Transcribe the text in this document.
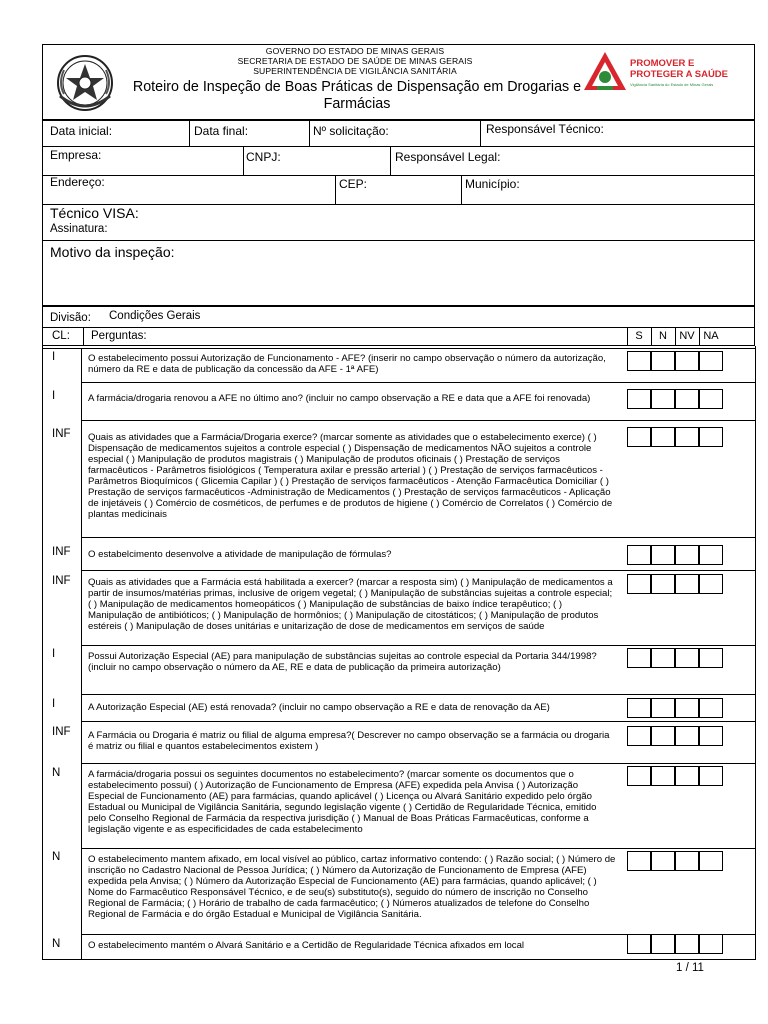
GOVERNO DO ESTADO DE MINAS GERAIS
SECRETARIA DE ESTADO DE SAÚDE DE MINAS GERAIS
SUPERINTENDÊNCIA DE VIGILÂNCIA SANITÁRIA
Roteiro de Inspeção de Boas Práticas de Dispensação em Drogarias e
Farmácias
PROMOVER E
PROTEGER A SAÚDE
Vigilância Sanitária do Estado de Minas Gerais
Data inicial:	Data final:	Nº solicitação:	Responsável Técnico:
Empresa:	CNPJ:	Responsável Legal:
Endereço:	CEP:	Município:
Técnico VISA:
Assinatura:
Motivo da inspeção:
Divisão: Condições Gerais
CL: Perguntas:	S	N	NV NA
I	O estabelecimento possui Autorização de Funcionamento - AFE? (inserir no campo observação o número da autorização, número da RE e data de publicação da concessão da AFE - 1ª AFE)
I	A farmácia/drogaria renovou a AFE no último ano? (incluir no campo observação a RE e data que a AFE foi renovada)
INF Quais as atividades que a Farmácia/Drogaria exerce? (marcar somente as atividades que o estabelecimento exerce) ( ) Dispensação de medicamentos sujeitos a controle especial ( ) Dispensação de medicamentos NÃO sujeitos a controle especial ( ) Manipulação de produtos magistrais ( ) Manipulação de produtos oficinais ( ) Prestação de serviços farmacêuticos - Parâmetros fisiológicos ( Temperatura axilar e pressão arterial ) ( ) Prestação de serviços farmacêuticos - Parâmetros Bioquímicos ( Glicemia Capilar ) ( ) Prestação de serviços farmacêuticos - Atenção Farmacêutica Domiciliar ( ) Prestação de serviços farmacêuticos -Administração de Medicamentos ( ) Prestação de serviços farmacêuticos - Aplicação de injetáveis ( ) Comércio de cosméticos, de perfumes e de produtos de higiene ( ) Comércio de Correlatos ( ) Comércio de plantas medicinais
INF O estabelcimento desenvolve a atividade de manipulação de fórmulas?
INF Quais as atividades que a Farmácia está habilitada a exercer? (marcar a resposta sim) ( ) Manipulação de medicamentos a partir de insumos/matérias primas, inclusive de origem vegetal; ( ) Manipulação de substâncias sujeitas a controle especial; ( ) Manipulação de medicamentos homeopáticos ( ) Manipulação de substâncias de baixo índice terapêutico; ( ) Manipulação de antibióticos; ( ) Manipulação de hormônios; ( ) Manipulação de citostáticos; ( ) Manipulação de produtos estéreis ( ) Manipulação de doses unitárias e unitarização de dose de medicamentos em serviços de saúde
I	Possui Autorização Especial (AE) para manipulação de substâncias sujeitas ao controle especial da Portaria 344/1998? (incluir no campo observação o número da AE, RE e data de publicação da primeira autorização)
I	A Autorização Especial (AE) está renovada? (incluir no campo observação a RE e data de renovação da AE)
INF A Farmácia ou Drogaria é matriz ou filial de alguma empresa?( Descrever no campo observação se a farmácia ou drogaria é matriz ou filial e quantos estabelecimentos existem )
N	A farmácia/drogaria possui os seguintes documentos no estabelecimento? (marcar somente os documentos que o estabelecimento possui) ( ) Autorização de Funcionamento de Empresa (AFE) expedida pela Anvisa ( ) Autorização Especial de Funcionamento (AE) para farmácias, quando aplicável ( ) Licença ou Alvará Sanitário expedido pelo órgão Estadual ou Municipal de Vigilância Sanitária, segundo legislação vigente ( ) Certidão de Regularidade Técnica, emitido pelo Conselho Regional de Farmácia da respectiva jurisdição ( ) Manual de Boas Práticas Farmacêuticas, conforme a legislação vigente e as especificidades de cada estabelecimento
N	O estabelecimento mantem afixado, em local visível ao público, cartaz informativo contendo: ( ) Razão social; ( ) Número de inscrição no Cadastro Nacional de Pessoa Jurídica; ( ) Número da Autorização de Funcionamento de Empresa (AFE) expedida pela Anvisa; ( ) Número da Autorização Especial de Funcionamento (AE) para farmácias, quando aplicável; ( ) Nome do Farmacêutico Responsável Técnico, e de seu(s) substituto(s), seguido do número de inscrição no Conselho Regional de Farmácia; ( ) Horário de trabalho de cada farmacêutico; ( ) Números atualizados de telefone do Conselho Regional de Farmácia e do órgão Estadual e Municipal de Vigilância Sanitária.
N	O estabelecimento mantém o Alvará Sanitário e a Certidão de Regularidade Técnica afixados em local
1 / 11
